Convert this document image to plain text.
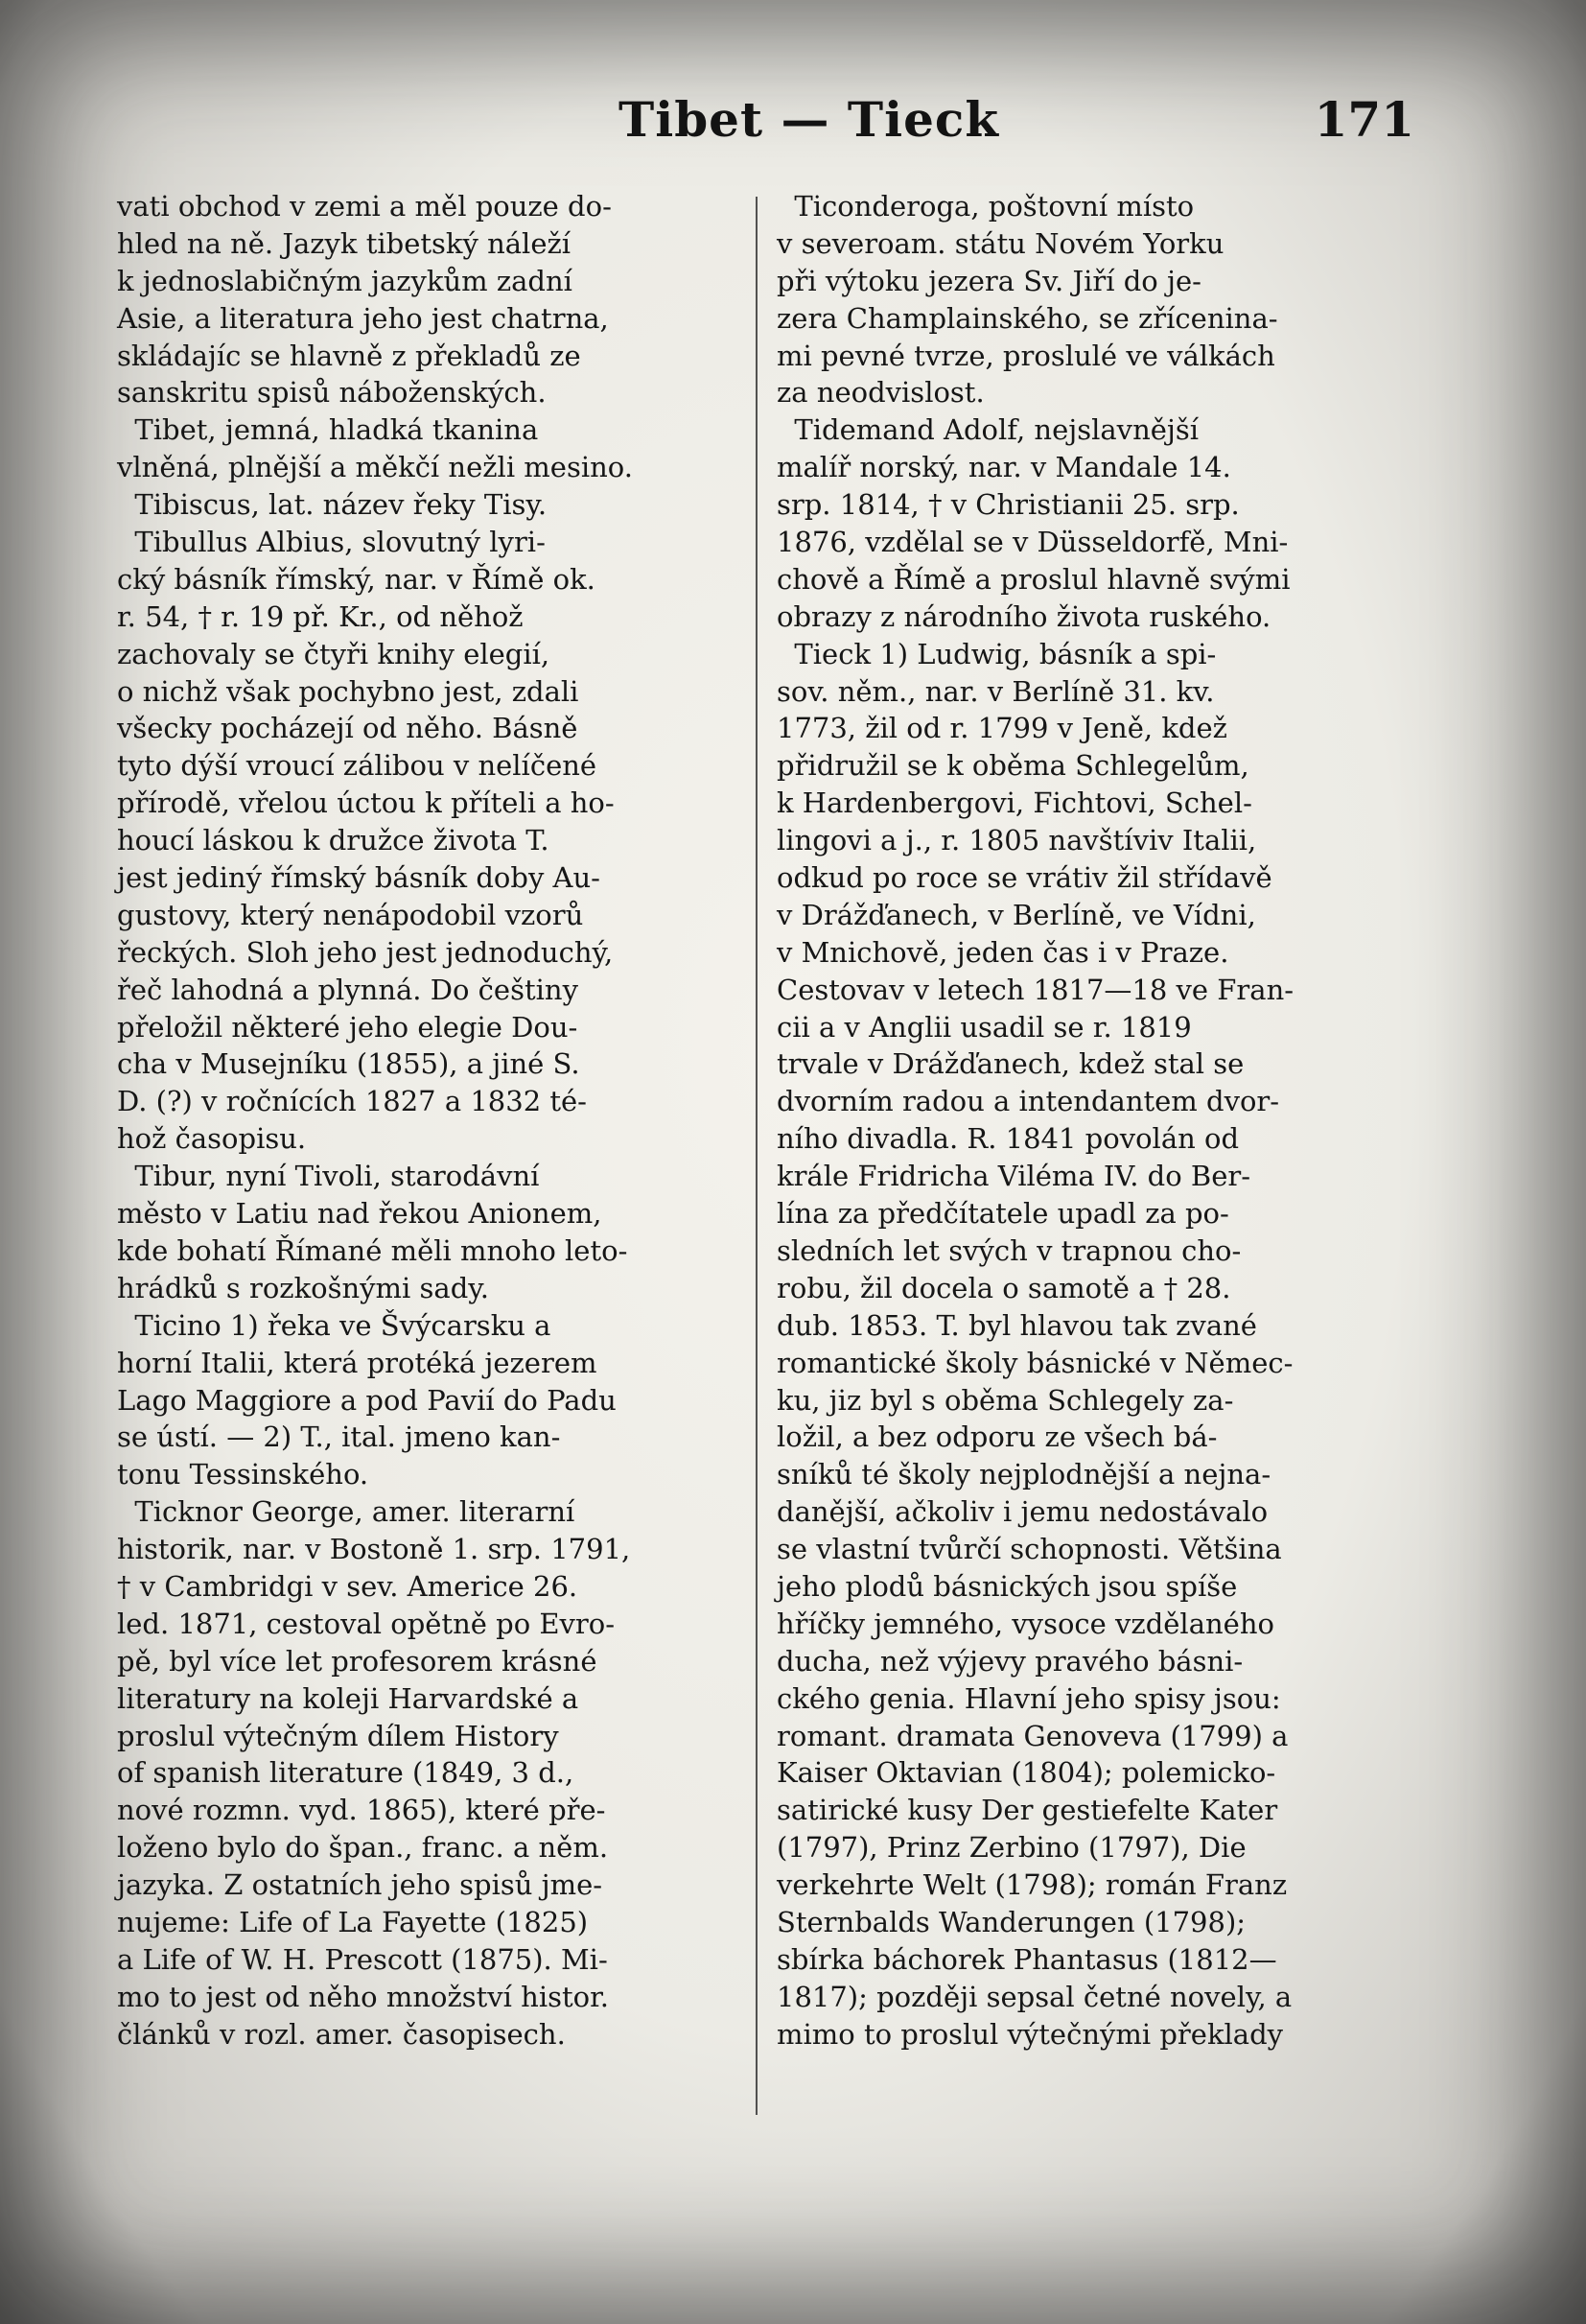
Tibet — Tieck	171
vati obchod v zemi a měl pouze do-
hled na ně. Jazyk tibetský náleží
k jednoslabičným jazykům zadní
Asie, a literatura jeho jest chatrna,
skládajíc se hlavně z překladů ze
sanskritu spisů náboženských.
Tibet, jemná, hladká tkanina
vlněná, plnější a měkčí nežli mesino.
Tibiscus, lat. název řeky Tisy.
Tibullus Albius, slovutný lyri-
cký básník římský, nar. v Římě ok.
r. 54, † r. 19 př. Kr., od něhož
zachovaly se čtyři knihy elegií,
o nichž však pochybno jest, zdali
všecky pocházejí od něho. Básně
tyto dýší vroucí zálibou v nelíčené
přírodě, vřelou úctou k příteli a ho-
houcí láskou k družce života T.
jest jediný římský básník doby Au-
gustovy, který nenápodobil vzorů
řeckých. Sloh jeho jest jednoduchý,
řeč lahodná a plynná. Do češtiny
přeložil některé jeho elegie Dou-
cha v Musejníku (1855), a jiné S.
D. (?) v ročnících 1827 a 1832 té-
hož časopisu.
Tibur, nyní Tivoli, starodávní
město v Latiu nad řekou Anionem,
kde bohatí Římané měli mnoho leto-
hrádků s rozkošnými sady.
Ticino 1) řeka ve Švýcarsku a
horní Italii, která protéká jezerem
Lago Maggiore a pod Pavií do Padu
se ústí. — 2) T., ital. jmeno kan-
tonu Tessinského.
Ticknor George, amer. literarní
historik, nar. v Bostoně 1. srp. 1791,
† v Cambridgi v sev. Americe 26.
led. 1871, cestoval opětně po Evro-
pě, byl více let profesorem krásné
literatury na koleji Harvardské a
proslul výtečným dílem History
of spanish literature (1849, 3 d.,
nové rozmn. vyd. 1865), které pře-
loženo bylo do špan., franc. a něm.
jazyka. Z ostatních jeho spisů jme-
nujeme: Life of La Fayette (1825)
a Life of W. H. Prescott (1875). Mi-
mo to jest od něho množství histor.
článků v rozl. amer. časopisech.
Ticonderoga, poštovní místo
v severoam. státu Novém Yorku
při výtoku jezera Sv. Jiří do je-
zera Champlainského, se zříceninа-
mi pevné tvrze, proslulé ve válkách
za neodvislost.
Tidemand Adolf, nejslavnější
malíř norský, nar. v Mandale 14.
srp. 1814, † v Christianii 25. srp.
1876, vzdělal se v Düsseldorfě, Mni-
chově a Římě a proslul hlavně svými
obrazy z národního života ruského.
Tieck 1) Ludwig, básník a spi-
sov. něm., nar. v Berlíně 31. kv.
1773, žil od r. 1799 v Jeně, kdež
přidružil se k oběma Schlegelům,
k Hardenbergovi, Fichtovi, Schel-
lingovi a j., r. 1805 navštíviv Italii,
odkud po roce se vrátiv žil střídavě
v Drážďanech, v Berlíně, ve Vídni,
v Mnichově, jeden čas i v Praze.
Cestovav v letech 1817—18 ve Fran-
cii a v Anglii usadil se r. 1819
trvale v Drážďanech, kdež stal se
dvorním radou a intendantem dvor-
ního divadla. R. 1841 povolán od
krále Fridricha Viléma IV. do Ber-
lína za předčítatele upadl za po-
sledních let svých v trapnou cho-
robu, žil docela o samotě a † 28.
dub. 1853. T. byl hlavou tak zvané
romantické školy básnické v Němec-
ku, jiz byl s oběma Schlegely za-
ložil, a bez odporu ze všech bá-
sníků té školy nejplodnější a nejna-
danější, ačkoliv i jemu nedostávalo
se vlastní tvůrčí schopnosti. Většina
jeho plodů básnických jsou spíše
hříčky jemného, vysoce vzdělaného
ducha, než výjevy pravého básni-
ckého genia. Hlavní jeho spisy jsou:
romant. dramata Genoveva (1799) a
Kaiser Oktavian (1804); polemicko-
satirické kusy Der gestiefelte Kater
(1797), Prinz Zerbino (1797), Die
verkehrte Welt (1798); román Franz
Sternbalds Wanderungen (1798);
sbírka báchorek Phantasus (1812—
1817); později sepsal četné novely, a
mimo to proslul výtečnými překlady
